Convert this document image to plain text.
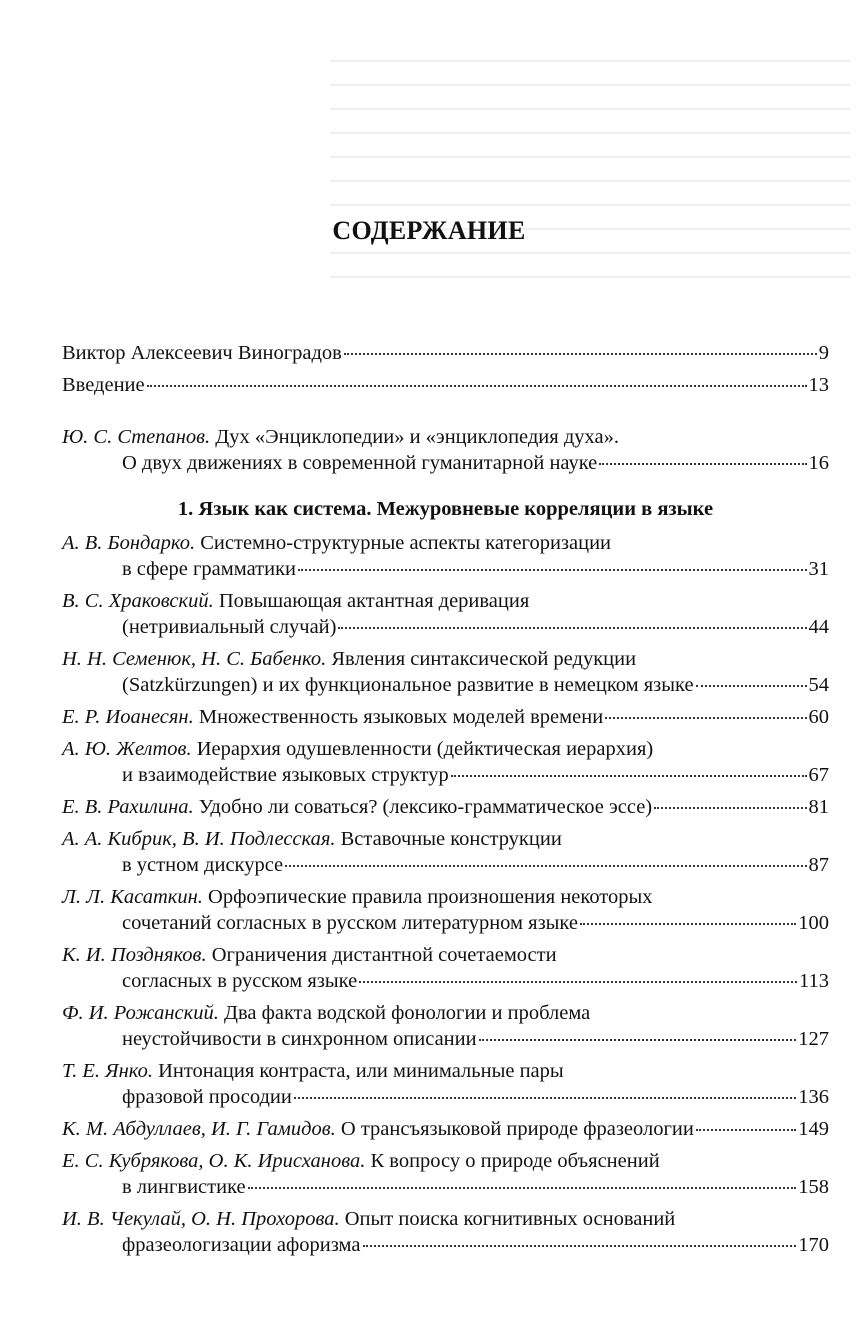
СОДЕРЖАНИЕ
Виктор Алексеевич Виноградов	9
Введение	13
Ю. С. Степанов.
Дух «Энциклопедии» и «энциклопедия духа».
О двух движениях в современной гуманитарной науке	16
1. Язык как система. Межуровневые корреляции в языке
А. В. Бондарко.
Системно-структурные аспекты категоризации
в сфере грамматики	31
В. С. Храковский.
Повышающая актантная деривация
(нетривиальный случай)	44
Н. Н. Семенюк, Н. С. Бабенко.
Явления синтаксической редукции
(Satzkürzungen) и их функциональное развитие в немецком языке	54
Е. Р. Иоанесян.
Множественность языковых моделей времени	60
А. Ю. Желтов.
Иерархия одушевленности (дейктическая иерархия)
и взаимодействие языковых структур	67
Е. В. Рахилина.
Удобно ли соваться? (лексико-грамматическое эссе)	81
А. А. Кибрик, В. И. Подлесская.
Вставочные конструкции
в устном дискурсе	87
Л. Л. Касаткин.
Орфоэпические правила произношения некоторых
сочетаний согласных в русском литературном языке	100
К. И. Поздняков.
Ограничения дистантной сочетаемости
согласных в русском языке	113
Ф. И. Рожанский.
Два факта водской фонологии и проблема
неустойчивости в синхронном описании	127
Т. Е. Янко.
Интонация контраста, или минимальные пары
фразовой просодии	136
К. М. Абдуллаев, И. Г. Гамидов.
О трансъязыковой природе фразеологии	149
Е. С. Кубрякова, О. К. Ирисханова.
К вопросу о природе объяснений
в лингвистике	158
И. В. Чекулай, О. Н. Прохорова.
Опыт поиска когнитивных оснований
фразеологизации афоризма	170
